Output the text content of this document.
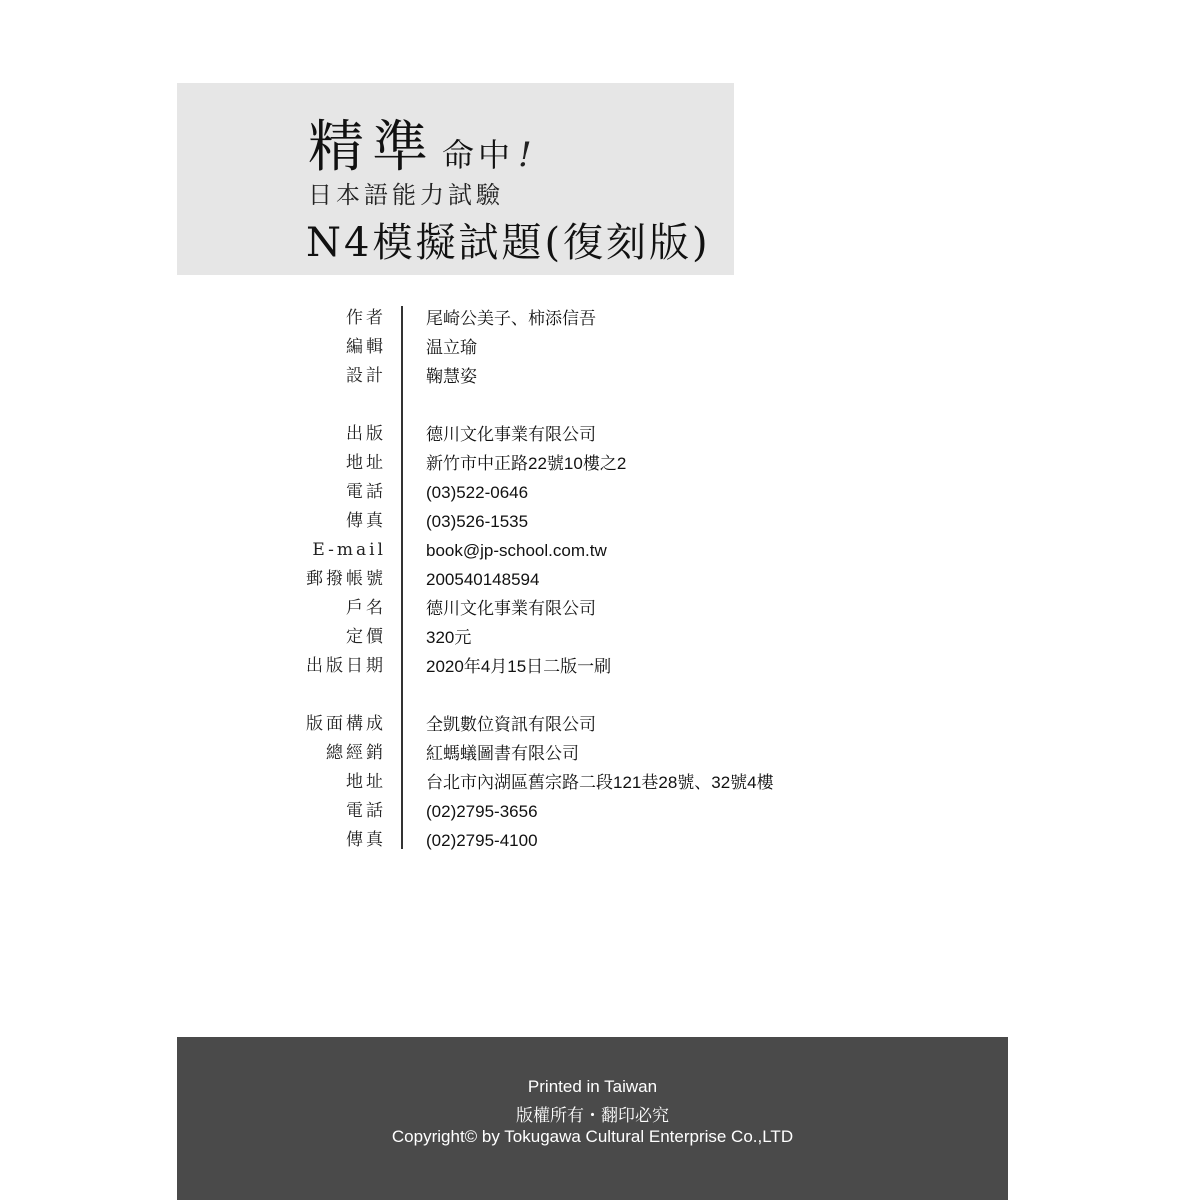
精準 命中 !
日本語能力試驗
N4模擬試題(復刻版)
作者 尾崎公美子、柿添信吾
編輯 温立瑜
設計 鞠慧姿
出版 德川文化事業有限公司
地址 新竹市中正路22號10樓之2
電話 (03)522-0646
傳真 (03)526-1535
E-mail book@jp-school.com.tw
郵撥帳號 200540148594
戶名 德川文化事業有限公司
定價 320元
出版日期 2020年4月15日二版一刷
版面構成 全凱數位資訊有限公司
總經銷 紅螞蟻圖書有限公司
地址 台北市內湖區舊宗路二段121巷28號、32號4樓
電話 (02)2795-3656
傳真 (02)2795-4100
Printed in Taiwan
版權所有・翻印必究
Copyright© by Tokugawa Cultural Enterprise Co.,LTD
